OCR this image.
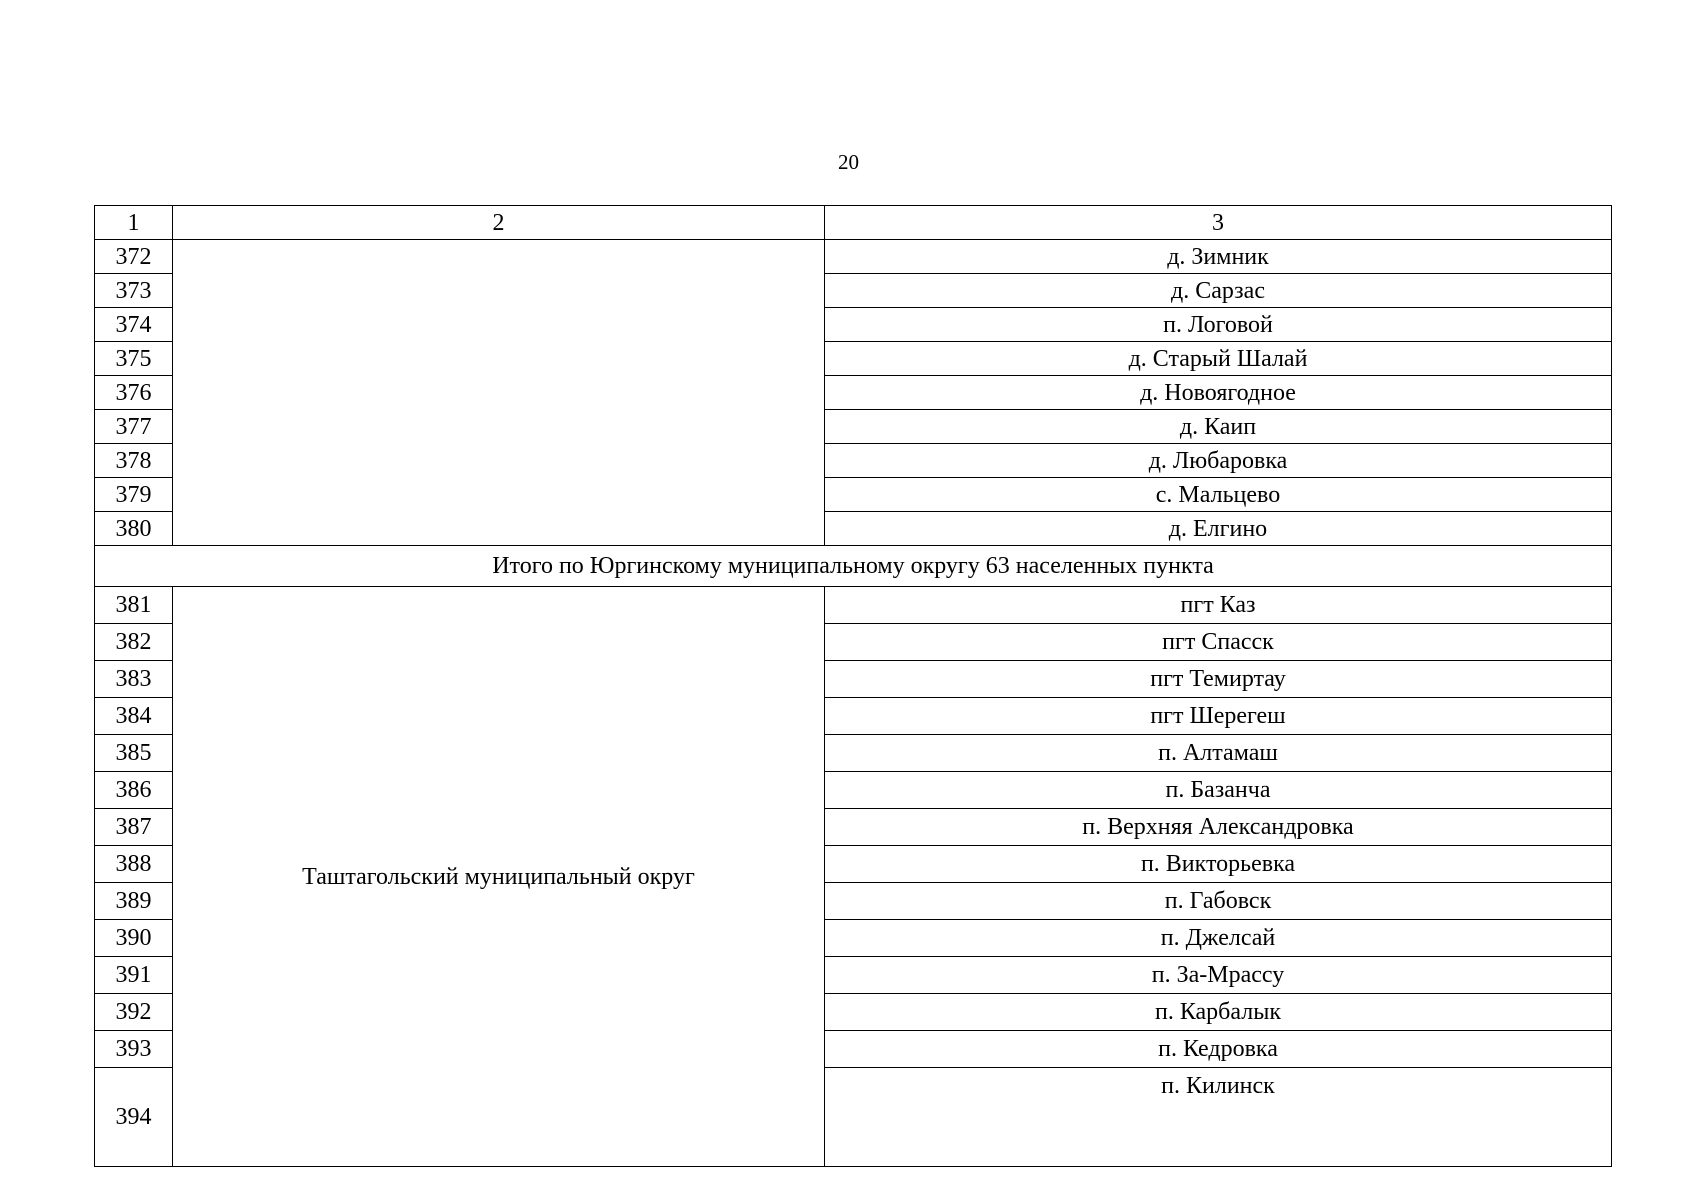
20
1	2	3
372		д. Зимник
373		д. Сарзас
374		п. Логовой
375		д. Старый Шалай
376		д. Новоягодное
377		д. Каип
378		д. Любаровка
379		с. Мальцево
380		д. Елгино
Итого по Юргинскому муниципальному округу 63 населенных пункта		
381	Таштагольский муниципальный округ	пгт Каз
382		пгт Спасск
383		пгт Темиртау
384		пгт Шерегеш
385		п. Алтамаш
386		п. Базанча
387		п. Верхняя Александровка
388		п. Викторьевка
389		п. Габовск
390		п. Джелсай
391		п. За-Мрассу
392		п. Карбалык
393		п. Кедровка
394		п. Килинск
